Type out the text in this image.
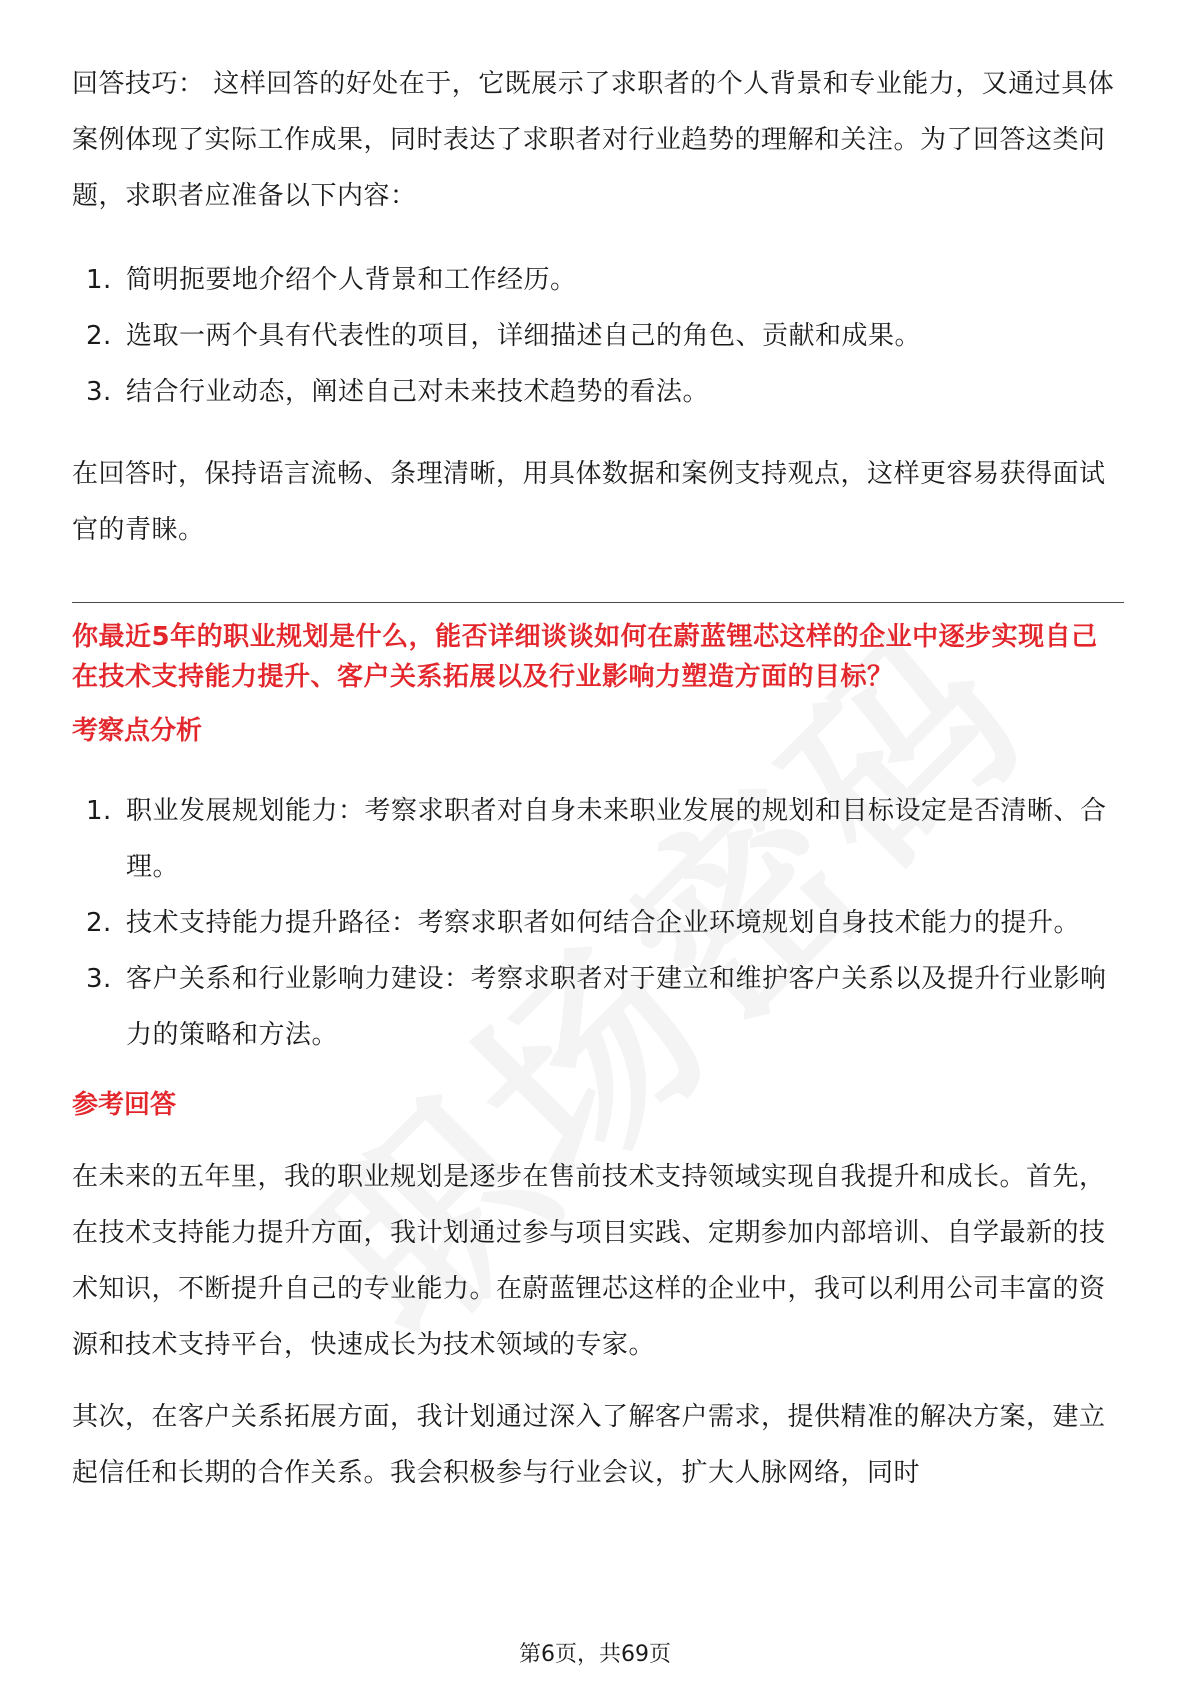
回答技巧： 这样回答的好处在于，它既展示了求职者的个人背景和专业能力，又通过具体案例体现了实际工作成果，同时表达了求职者对行业趋势的理解和关注。为了回答这类问题，求职者应准备以下内容：

1. 简明扼要地介绍个人背景和工作经历。
2. 选取一两个具有代表性的项目，详细描述自己的角色、贡献和成果。
3. 结合行业动态，阐述自己对未来技术趋势的看法。

在回答时，保持语言流畅、条理清晰，用具体数据和案例支持观点，这样更容易获得面试官的青睐。

你最近5年的职业规划是什么，能否详细谈谈如何在蔚蓝锂芯这样的企业中逐步实现自己在技术支持能力提升、客户关系拓展以及行业影响力塑造方面的目标？
考察点分析
1. 职业发展规划能力：考察求职者对自身未来职业发展的规划和目标设定是否清晰、合理。
2. 技术支持能力提升路径：考察求职者如何结合企业环境规划自身技术能力的提升。
3. 客户关系和行业影响力建设：考察求职者对于建立和维护客户关系以及提升行业影响力的策略和方法。
参考回答

在未来的五年里，我的职业规划是逐步在售前技术支持领域实现自我提升和成长。首先，在技术支持能力提升方面，我计划通过参与项目实践、定期参加内部培训、自学最新的技术知识，不断提升自己的专业能力。在蔚蓝锂芯这样的企业中，我可以利用公司丰富的资源和技术支持平台，快速成长为技术领域的专家。

其次，在客户关系拓展方面，我计划通过深入了解客户需求，提供精准的解决方案，建立起信任和长期的合作关系。我会积极参与行业会议，扩大人脉网络，同时

第6页，共69页
